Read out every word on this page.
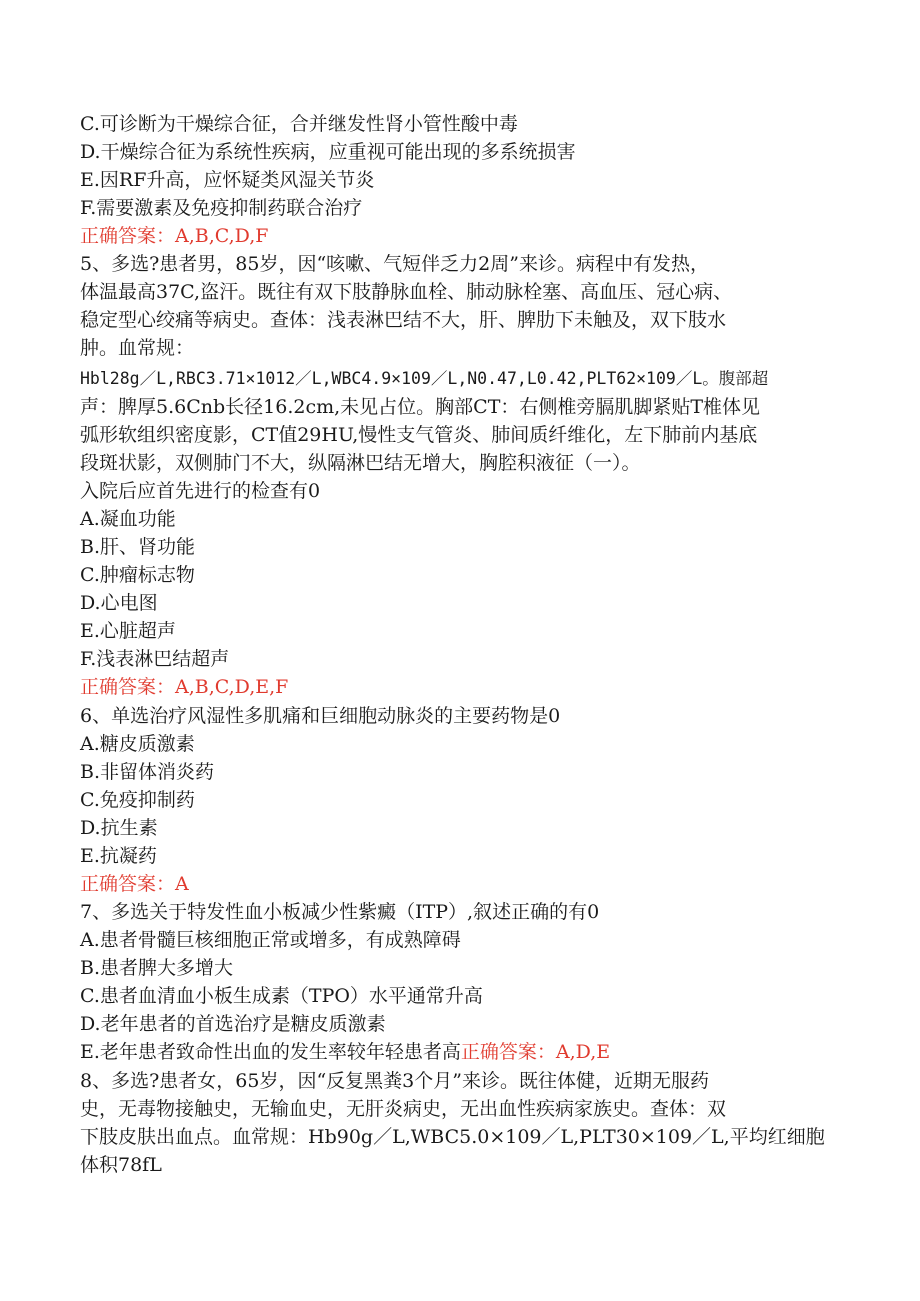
C.可诊断为干燥综合征，合并继发性肾小管性酸中毒
D.干燥综合征为系统性疾病，应重视可能出现的多系统损害
E.因RF升高，应怀疑类风湿关节炎
F.需要激素及免疫抑制药联合治疗
正确答案：A,B,C,D,F
5、多选?患者男，85岁，因“咳嗽、气短伴乏力2周”来诊。病程中有发热，
体温最高37C,盗汗。既往有双下肢静脉血栓、肺动脉栓塞、高血压、冠心病、
稳定型心绞痛等病史。查体：浅表淋巴结不大，肝、脾肋下未触及，双下肢水
肿。血常规：
Hbl28g／L,RBC3.71×1012／L,WBC4.9×109／L,N0.47,L0.42,PLT62×109／L。腹部超
声：脾厚5.6Cnb长径16.2cm,未见占位。胸部CT：右侧椎旁膈肌脚紧贴T椎体见
弧形软组织密度影，CT值29HU,慢性支气管炎、肺间质纤维化，左下肺前内基底
段斑状影，双侧肺门不大，纵隔淋巴结无增大，胸腔积液征（一）。
入院后应首先进行的检查有0
A.凝血功能
B.肝、肾功能
C.肿瘤标志物
D.心电图
E.心脏超声
F.浅表淋巴结超声
正确答案：A,B,C,D,E,F
6、单选治疗风湿性多肌痛和巨细胞动脉炎的主要药物是0
A.糖皮质激素
B.非留体消炎药
C.免疫抑制药
D.抗生素
E.抗凝药
正确答案：A
7、多选关于特发性血小板减少性紫癜（ITP）,叙述正确的有0
A.患者骨髓巨核细胞正常或增多，有成熟障碍
B.患者脾大多增大
C.患者血清血小板生成素（TPO）水平通常升高
D.老年患者的首选治疗是糖皮质激素
E.老年患者致命性出血的发生率较年轻患者高正确答案：A,D,E
8、多选?患者女，65岁，因“反复黑粪3个月”来诊。既往体健，近期无服药
史，无毒物接触史，无输血史，无肝炎病史，无出血性疾病家族史。查体：双
下肢皮肤出血点。血常规：Hb90g／L,WBC5.0×109／L,PLT30×109／L,平均红细胞
体积78fL
